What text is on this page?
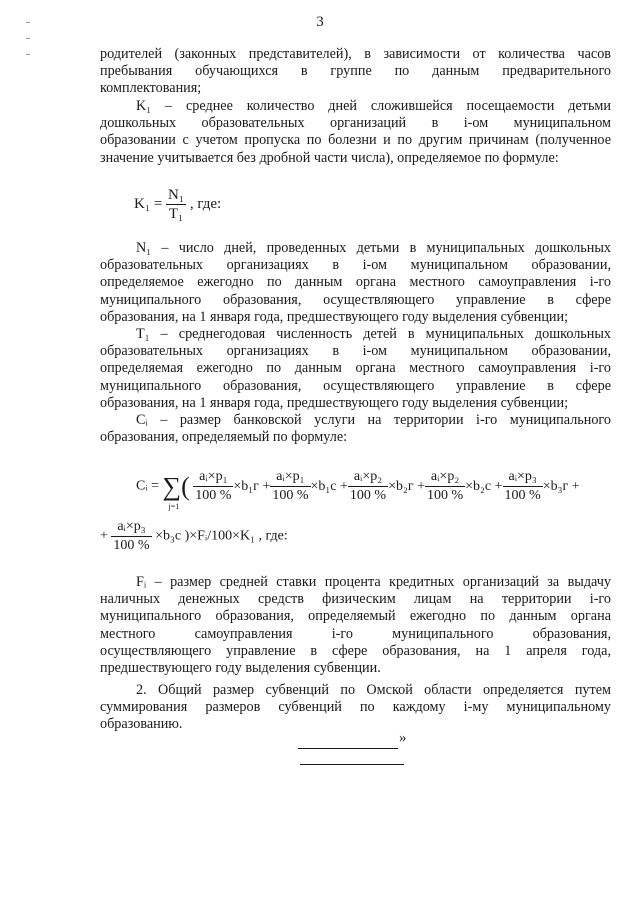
3
родителей (законных представителей), в зависимости от количества часов
пребывания обучающихся в группе по данным предварительного
комплектования;
K₁ – среднее количество дней сложившейся посещаемости детьми
дошкольных образовательных организаций в i-ом муниципальном
образовании с учетом пропуска по болезни и по другим причинам (полученное
значение учитывается без дробной части числа), определяемое по формуле:
$K_1 = \frac{\text{N₁}}{\text{T₁}}$ , где:
N₁ – число дней, проведенных детьми в муниципальных дошкольных
образовательных организациях в i-ом муниципальном образовании,
определяемое ежегодно по данным органа местного самоуправления i-го
муниципального образования, осуществляющего управление в сфере
образования, на 1 января года, предшествующего году выделения субвенции;
T₁ – среднегодовая численность детей в муниципальных дошкольных
образовательных организациях в i-ом муниципальном образовании,
определяемая ежегодно по данным органа местного самоуправления i-го
муниципального образования, осуществляющего управление в сфере
образования, на 1 января года, предшествующего году выделения субвенции;
Cᵢ – размер банковской услуги на территории i-го муниципального
образования, определяемый по формуле:
Cᵢ = ∑(
j=1

$\frac{\text{aᵢ×p₁}}{100 \%} \times b_1г + \frac{\text{aᵢ×p₁}}{100 \%} \times b_1c + \frac{\text{aᵢ×p₂}}{100 \%} \times b_2г + \frac{\text{aᵢ×p₂}}{100 \%} \times b_2c + \frac{\text{aᵢ×p₃}}{100 \%} \times b_3г$ +
+ $\frac{\text{aᵢ×p₃}}{100 \%} \times b_3c$ )×Fᵢ/100×K₁ , где:
Fᵢ – размер средней ставки процента кредитных организаций за выдачу
наличных денежных средств физическим лицам на территории i-го
муниципального образования, определяемый ежегодно по данным органа
местного самоуправления i-го муниципального образования,
осуществляющего управление в сфере образования, на 1 апреля года,
предшествующего году выделения субвенции.
2. Общий размер субвенций по Омской области определяется путем
суммирования размеров субвенций по каждому i-му муниципальному
образованию.
»
